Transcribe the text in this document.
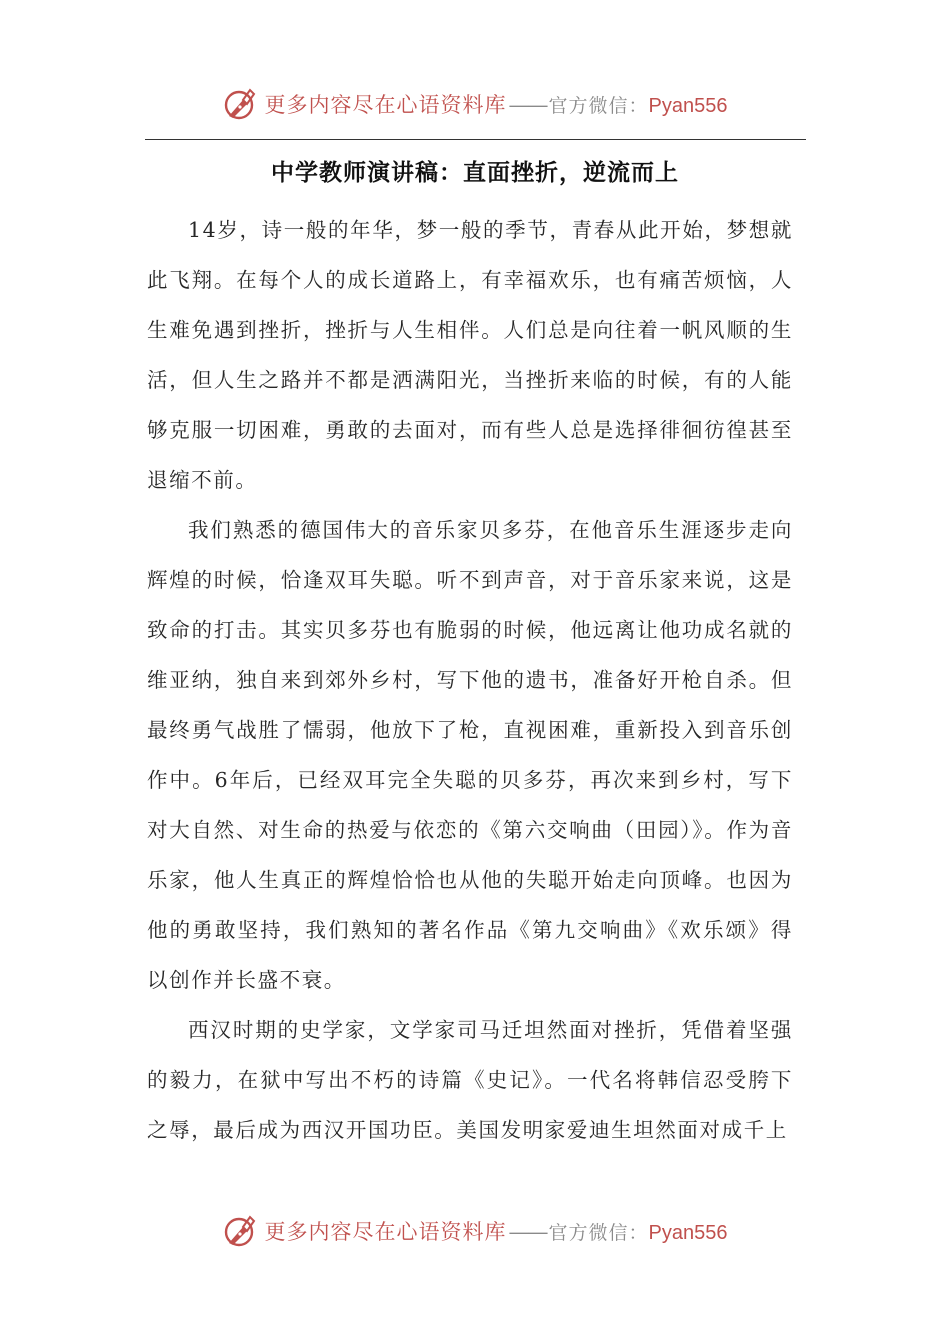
更多内容尽在心语资料库—— 官方微信：Pyan556
中学教师演讲稿：直面挫折，逆流而上

14岁，诗一般的年华，梦一般的季节，青春从此开始，梦想就此飞翔。在每个人的成长道路上，有幸福欢乐，也有痛苦烦恼，人生难免遇到挫折，挫折与人生相伴。人们总是向往着一帆风顺的生活，但人生之路并不都是洒满阳光，当挫折来临的时候，有的人能够克服一切困难，勇敢的去面对，而有些人总是选择徘徊彷徨甚至退缩不前。

我们熟悉的德国伟大的音乐家贝多芬，在他音乐生涯逐步走向辉煌的时候，恰逢双耳失聪。听不到声音，对于音乐家来说，这是致命的打击。其实贝多芬也有脆弱的时候，他远离让他功成名就的维亚纳，独自来到郊外乡村，写下他的遗书，准备好开枪自杀。但最终勇气战胜了懦弱，他放下了枪，直视困难，重新投入到音乐创作中。6年后，已经双耳完全失聪的贝多芬，再次来到乡村，写下对大自然、对生命的热爱与依恋的《第六交响曲（田园）》。作为音乐家，他人生真正的辉煌恰恰也从他的失聪开始走向顶峰。也因为他的勇敢坚持，我们熟知的著名作品《第九交响曲》《欢乐颂》得以创作并长盛不衰。

西汉时期的史学家，文学家司马迁坦然面对挫折，凭借着坚强的毅力，在狱中写出不朽的诗篇《史记》。一代名将韩信忍受胯下之辱，最后成为西汉开国功臣。美国发明家爱迪生坦然面对成千上

更多内容尽在心语资料库—— 官方微信：Pyan556
